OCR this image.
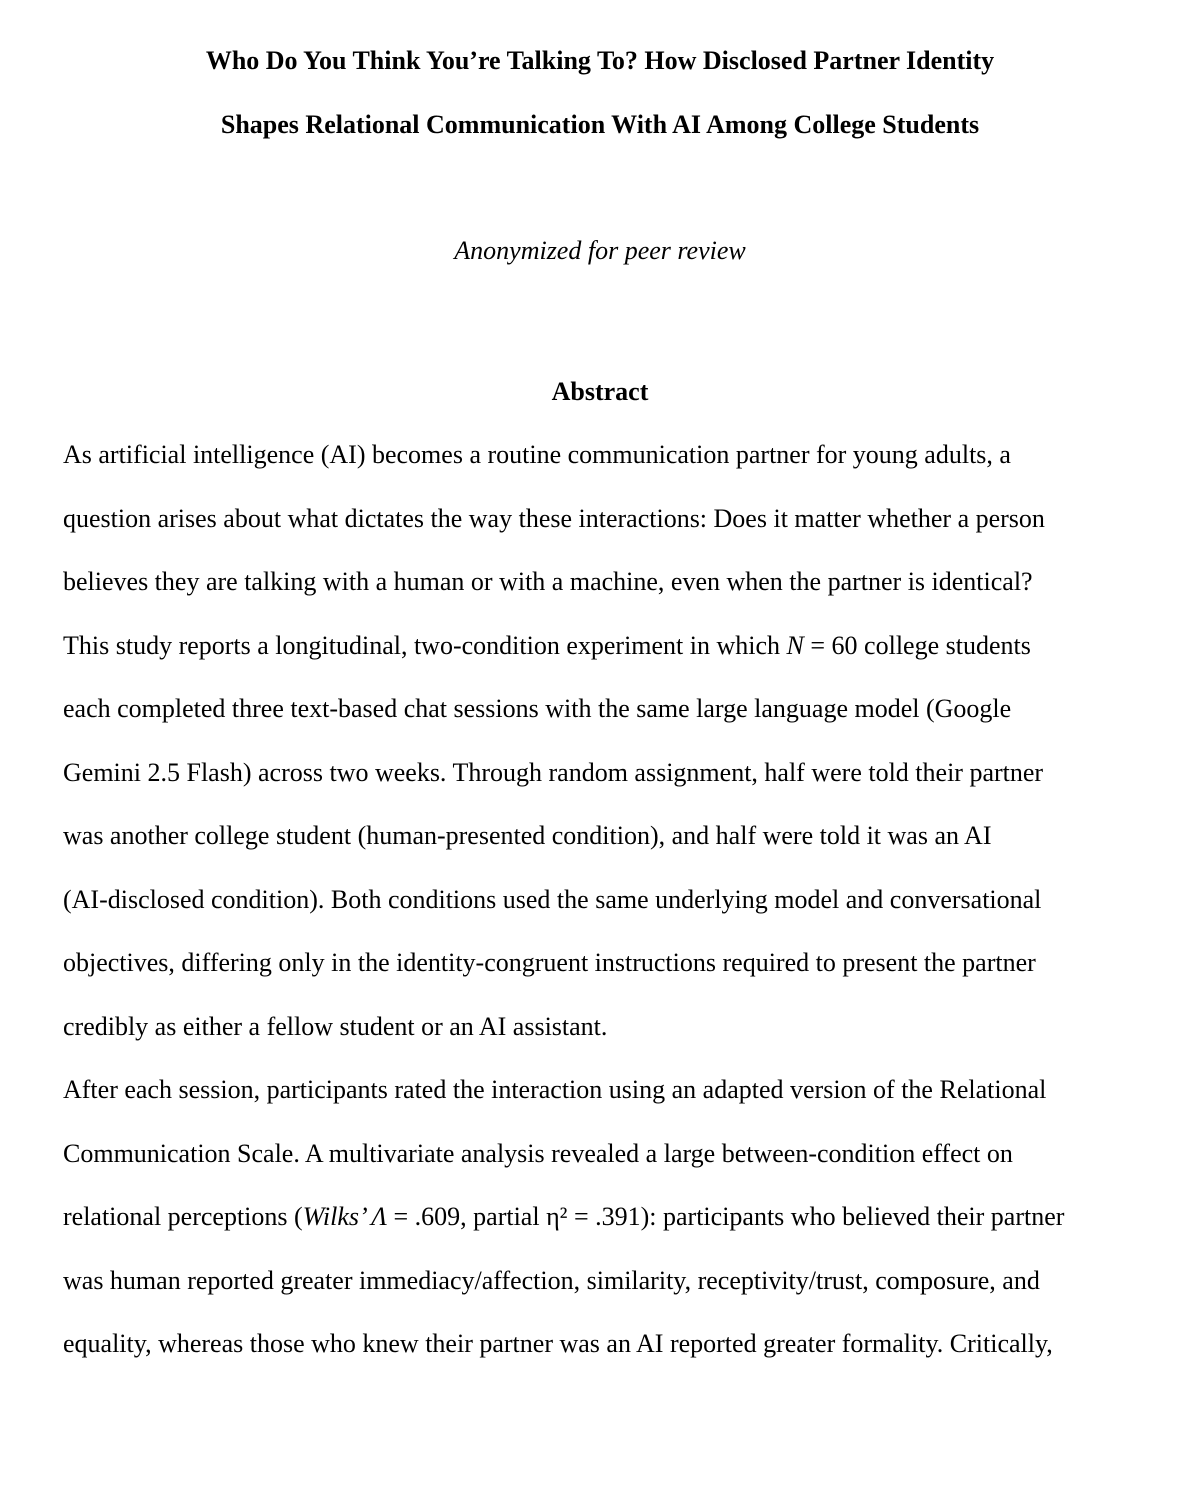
Who Do You Think You’re Talking To? How Disclosed Partner Identity
Shapes Relational Communication With AI Among College Students

Anonymized for peer review

Abstract

As artificial intelligence (AI) becomes a routine communication partner for young adults, a

question arises about what dictates the way these interactions: Does it matter whether a person

believes they are talking with a human or with a machine, even when the partner is identical?

This study reports a longitudinal, two-condition experiment in which N = 60 college students

each completed three text-based chat sessions with the same large language model (Google

Gemini 2.5 Flash) across two weeks. Through random assignment, half were told their partner

was another college student (human-presented condition), and half were told it was an AI

(AI-disclosed condition). Both conditions used the same underlying model and conversational

objectives, differing only in the identity-congruent instructions required to present the partner

credibly as either a fellow student or an AI assistant.

After each session, participants rated the interaction using an adapted version of the Relational

Communication Scale. A multivariate analysis revealed a large between-condition effect on

relational perceptions (Wilks’ Λ = .609, partial η² = .391): participants who believed their partner

was human reported greater immediacy/affection, similarity, receptivity/trust, composure, and

equality, whereas those who knew their partner was an AI reported greater formality. Critically,
